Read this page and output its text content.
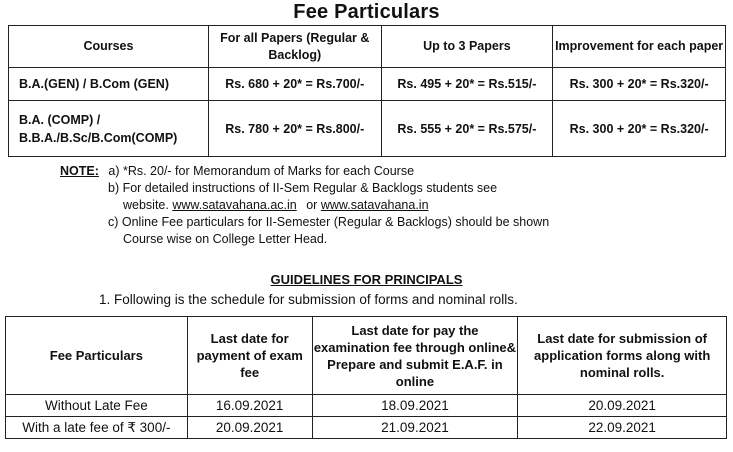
Fee Particulars
Courses	For all Papers (Regular & Backlog)	Up to 3 Papers	Improvement for each paper
B.A.(GEN) / B.Com (GEN)	Rs. 680 + 20* = Rs.700/-	Rs. 495 + 20* = Rs.515/-	Rs. 300 + 20* = Rs.320/-

B.A. (COMP) /
B.B.A./B.Sc/B.Com(COMP)	Rs. 780 + 20* = Rs.800/-	Rs. 555 + 20* = Rs.575/-	Rs. 300 + 20* = Rs.320/-
NOTE: a) *Rs. 20/- for Memorandum of Marks for each Course
b) For detailed instructions of II-Sem Regular & Backlogs students see
website. www.satavahana.ac.in or www.satavahana.in
c) Online Fee particulars for II-Semester (Regular & Backlogs) should be shown
Course wise on College Letter Head.
GUIDELINES FOR PRINCIPALS
1. Following is the schedule for submission of forms and nominal rolls.
Fee Particulars	Last date for payment of exam fee	Last date for pay the examination fee through online& Prepare and submit E.A.F. in online	Last date for submission of application forms along with nominal rolls.
Without Late Fee	16.09.2021	18.09.2021	20.09.2021
With a late fee of ₹ 300/-	20.09.2021	21.09.2021	22.09.2021
